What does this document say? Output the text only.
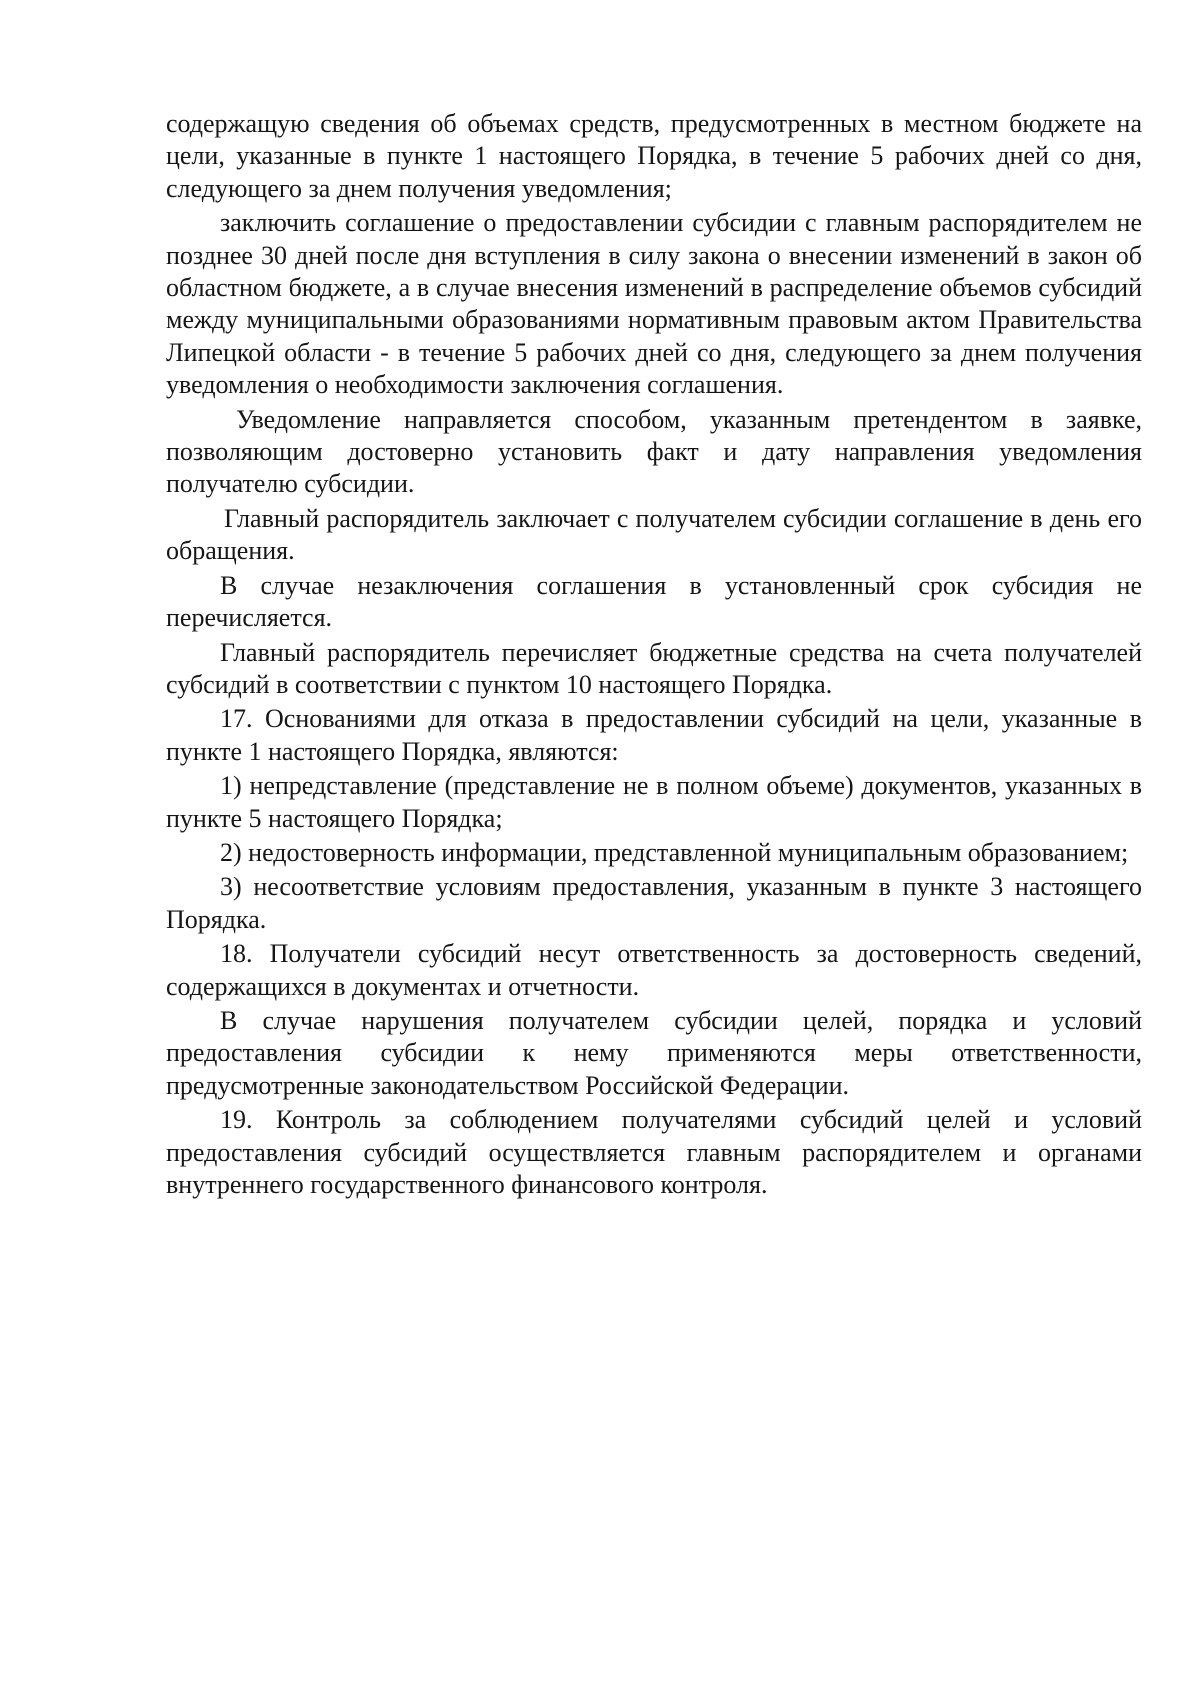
содержащую сведения об объемах средств, предусмотренных в местном бюджете на цели, указанные в пункте 1 настоящего Порядка, в течение 5 рабочих дней со дня, следующего за днем получения уведомления;

заключить соглашение о предоставлении субсидии с главным распорядителем не позднее 30 дней после дня вступления в силу закона о внесении изменений в закон об областном бюджете, а в случае внесения изменений в распределение объемов субсидий между муниципальными образованиями нормативным правовым актом Правительства Липецкой области - в течение 5 рабочих дней со дня, следующего за днем получения уведомления о необходимости заключения соглашения.

Уведомление направляется способом, указанным претендентом в заявке, позволяющим достоверно установить факт и дату направления уведомления получателю субсидии.

Главный распорядитель заключает с получателем субсидии соглашение в день его обращения.

В случае незаключения соглашения в установленный срок субсидия не перечисляется.

Главный распорядитель перечисляет бюджетные средства на счета получателей субсидий в соответствии с пунктом 10 настоящего Порядка.

17. Основаниями для отказа в предоставлении субсидий на цели, указанные в пункте 1 настоящего Порядка, являются:

1) непредставление (представление не в полном объеме) документов, указанных в пункте 5 настоящего Порядка;

2) недостоверность информации, представленной муниципальным образованием;

3) несоответствие условиям предоставления, указанным в пункте 3 настоящего Порядка.

18. Получатели субсидий несут ответственность за достоверность сведений, содержащихся в документах и отчетности.

В случае нарушения получателем субсидии целей, порядка и условий предоставления субсидии к нему применяются меры ответственности, предусмотренные законодательством Российской Федерации.

19. Контроль за соблюдением получателями субсидий целей и условий предоставления субсидий осуществляется главным распорядителем и органами внутреннего государственного финансового контроля.
